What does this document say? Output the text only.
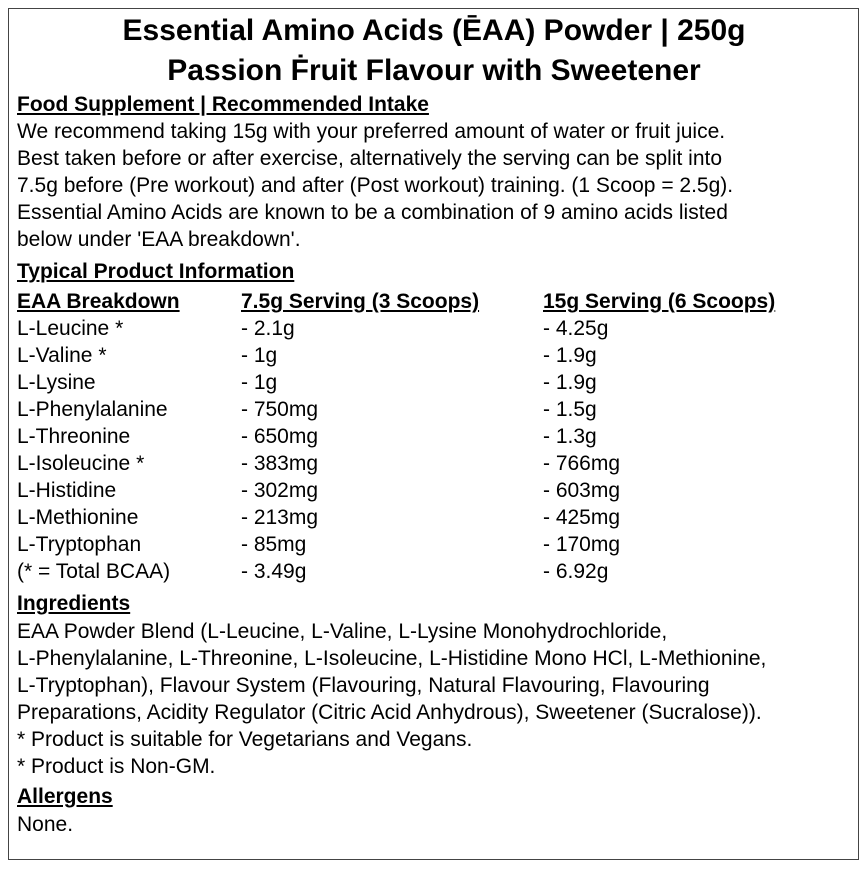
Essential Amino Acids (ĒAA) Powder | 250g
Passion Ḟruit Flavour with Sweetener
Food Supplement | Recommended Intake
We recommend taking 15g with your preferred amount of water or fruit juice.
Best taken before or after exercise, alternatively the serving can be split into
7.5g before (Pre workout) and after (Post workout) training. (1 Scoop = 2.5g).
Essential Amino Acids are known to be a combination of 9 amino acids listed
below under 'EAA breakdown'.
Typical Product Information
EAA Breakdown	7.5g Serving (3 Scoops)	15g Serving (6 Scoops)
L-Leucine *	- 2.1g	- 4.25g
L-Valine *	- 1g	- 1.9g
L-Lysine	- 1g	- 1.9g
L-Phenylalanine	- 750mg	- 1.5g
L-Threonine	- 650mg	- 1.3g
L-Isoleucine *	- 383mg	- 766mg
L-Histidine	- 302mg	- 603mg
L-Methionine	- 213mg	- 425mg
L-Tryptophan	- 85mg	- 170mg
(* = Total BCAA)	- 3.49g	- 6.92g
Ingredients
EAA Powder Blend (L-Leucine, L-Valine, L-Lysine Monohydrochloride,
L-Phenylalanine, L-Threonine, L-Isoleucine, L-Histidine Mono HCl, L-Methionine,
L-Tryptophan), Flavour System (Flavouring, Natural Flavouring, Flavouring
Preparations, Acidity Regulator (Citric Acid Anhydrous), Sweetener (Sucralose)).
* Product is suitable for Vegetarians and Vegans.
* Product is Non-GM.
Allergens
None.
